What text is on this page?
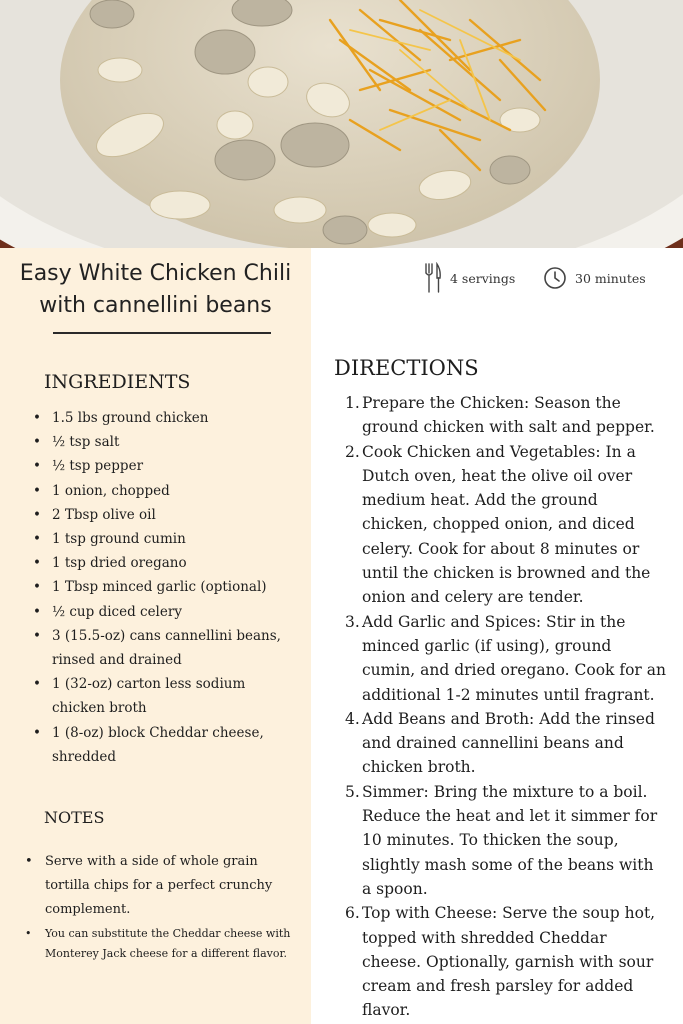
Easy White Chicken Chili
with cannellini beans
INGREDIENTS
• 1.5 lbs ground chicken
• ½ tsp salt
• ½ tsp pepper
• 1 onion, chopped
• 2 Tbsp olive oil
• 1 tsp ground cumin
• 1 tsp dried oregano
• 1 Tbsp minced garlic (optional)
• ½ cup diced celery
• 3 (15.5-oz) cans cannellini beans, rinsed and drained
• 1 (32-oz) carton less sodium chicken broth
• 1 (8-oz) block Cheddar cheese, shredded
NOTES
• Serve with a side of whole grain tortilla chips for a perfect crunchy complement.
• You can substitute the Cheddar cheese with Monterey Jack cheese for a different flavor.
4 servings	30 minutes
DIRECTIONS
1. Prepare the Chicken: Season the ground chicken with salt and pepper.
2. Cook Chicken and Vegetables: In a Dutch oven, heat the olive oil over medium heat. Add the ground chicken, chopped onion, and diced celery. Cook for about 8 minutes or until the chicken is browned and the onion and celery are tender.
3. Add Garlic and Spices: Stir in the minced garlic (if using), ground cumin, and dried oregano. Cook for an additional 1-2 minutes until fragrant.
4. Add Beans and Broth: Add the rinsed and drained cannellini beans and chicken broth.
5. Simmer: Bring the mixture to a boil. Reduce the heat and let it simmer for 10 minutes. To thicken the soup, slightly mash some of the beans with a spoon.
6. Top with Cheese: Serve the soup hot, topped with shredded Cheddar cheese. Optionally, garnish with sour cream and fresh parsley for added flavor.
